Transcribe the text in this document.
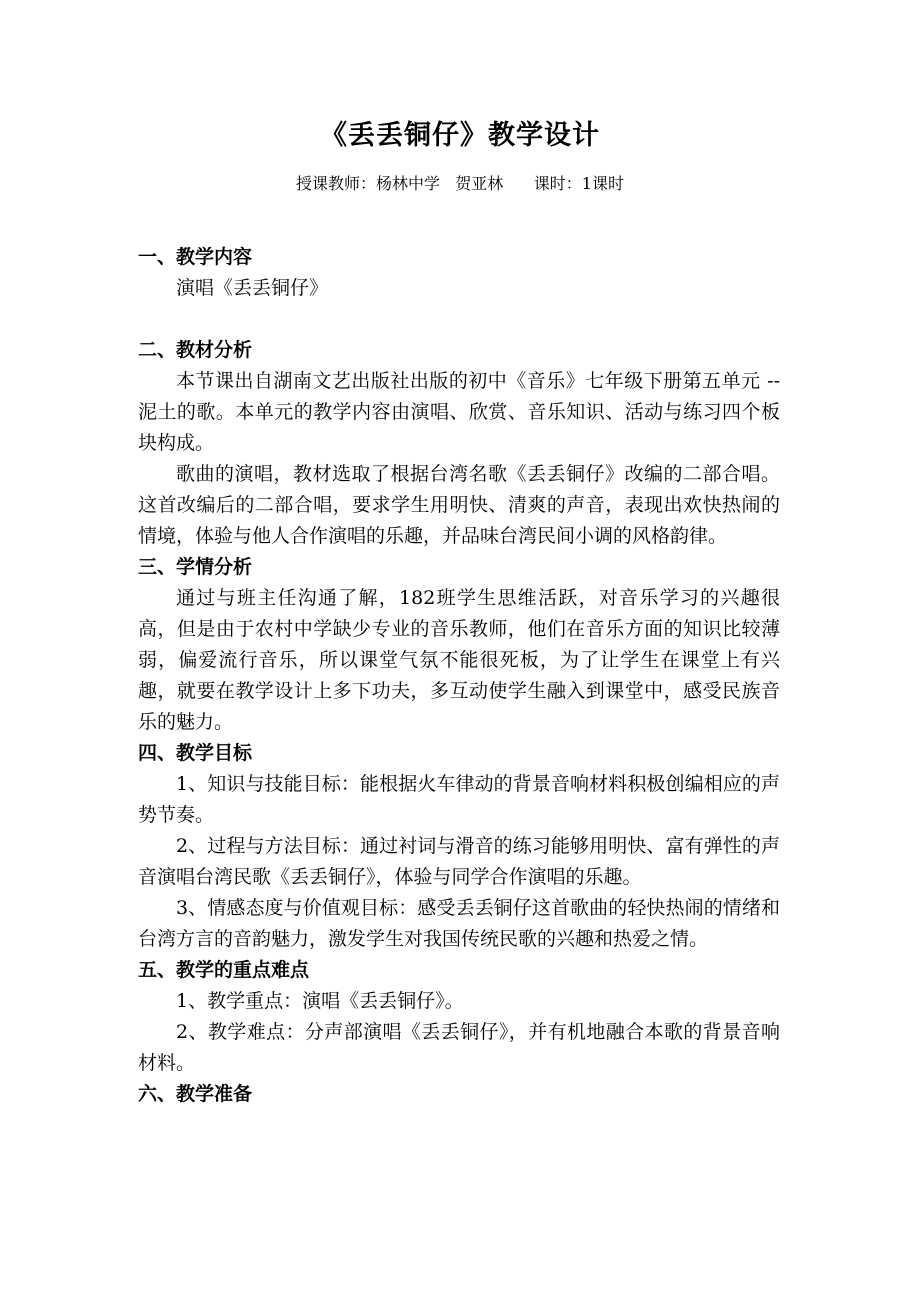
《丢丢铜仔》教学设计
授课教师：杨林中学   贺亚林      课时：1课时
一、教学内容

演唱《丢丢铜仔》

二、教材分析

本节课出自湖南文艺出版社出版的初中《音乐》七年级下册第五单元 -- 泥土的歌。本单元的教学内容由演唱、欣赏、音乐知识、活动与练习四个板块构成。

歌曲的演唱，教材选取了根据台湾名歌《丢丢铜仔》改编的二部合唱。这首改编后的二部合唱，要求学生用明快、清爽的声音，表现出欢快热闹的情境，体验与他人合作演唱的乐趣，并品味台湾民间小调的风格韵律。

三、学情分析

通过与班主任沟通了解，182班学生思维活跃，对音乐学习的兴趣很高，但是由于农村中学缺少专业的音乐教师，他们在音乐方面的知识比较薄弱，偏爱流行音乐，所以课堂气氛不能很死板，为了让学生在课堂上有兴趣，就要在教学设计上多下功夫，多互动使学生融入到课堂中，感受民族音乐的魅力。

四、教学目标

1、知识与技能目标：能根据火车律动的背景音响材料积极创编相应的声势节奏。

2、过程与方法目标：通过衬词与滑音的练习能够用明快、富有弹性的声音演唱台湾民歌《丢丢铜仔》，体验与同学合作演唱的乐趣。

3、情感态度与价值观目标：感受丢丢铜仔这首歌曲的轻快热闹的情绪和台湾方言的音韵魅力，激发学生对我国传统民歌的兴趣和热爱之情。

五、教学的重点难点

1、教学重点：演唱《丢丢铜仔》。

2、教学难点：分声部演唱《丢丢铜仔》，并有机地融合本歌的背景音响材料。

六、教学准备
